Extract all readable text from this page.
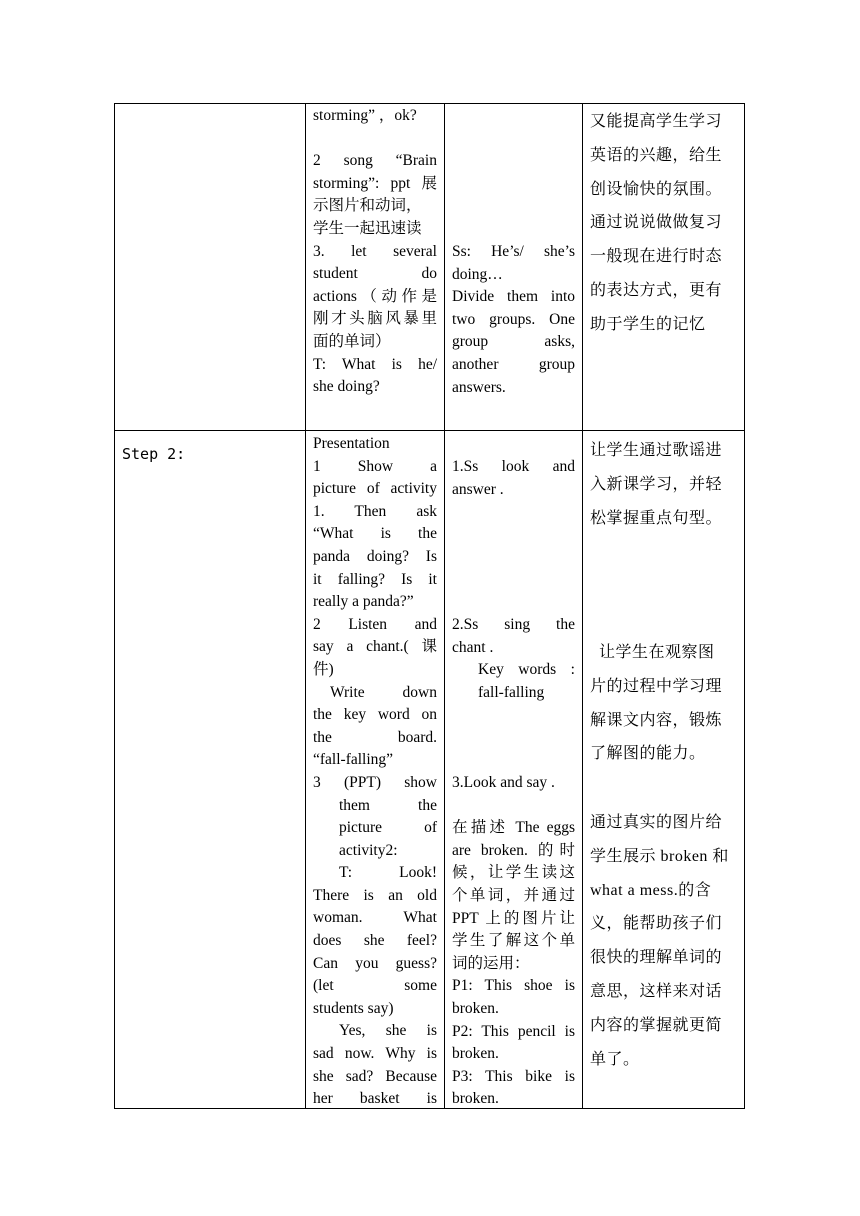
storming” ，ok?

2 song “Brain

storming”: ppt 展

示图片和动词，

学生一起迅速读

3. let several

student do

actions（动作是

刚才头脑风暴里

面的单词）

T: What is he/

she doing?

Ss: He’s/ she’s

doing…

Divide them into

two groups. One

group asks,

another group

answers.

又能提高学生学习

英语的兴趣，给生

创设愉快的氛围。

通过说说做做复习

一般现在进行时态

的表达方式，更有

助于学生的记忆

Step 2:

Presentation

1 Show a

picture of activity

1. Then ask

“What is the

panda doing? Is

it falling? Is it

really a panda?”

2 Listen and

say a chant.( 课

件)

Write down

the key word on

the board.

“fall-falling”

3 (PPT) show

them the

picture of

activity2:

T: Look!

There is an old

woman. What

does she feel?

Can you guess?

(let some

students say)

Yes, she is

sad now. Why is

she sad? Because

her basket is

1.Ss look and

answer .

2.Ss sing the

chant .

Key words :

fall-falling

3.Look and say .

在描述 The eggs

are broken. 的时

候，让学生读这

个单词，并通过

PPT 上的图片让

学生了解这个单

词的运用：

P1: This shoe is

broken.

P2: This pencil is

broken.

P3: This bike is

broken.

让学生通过歌谣进

入新课学习，并轻

松掌握重点句型。

让学生在观察图

片的过程中学习理

解课文内容，锻炼

了解图的能力。

通过真实的图片给

学生展示 broken 和

what a mess.的含

义，能帮助孩子们

很快的理解单词的

意思，这样来对话

内容的掌握就更简

单了。
